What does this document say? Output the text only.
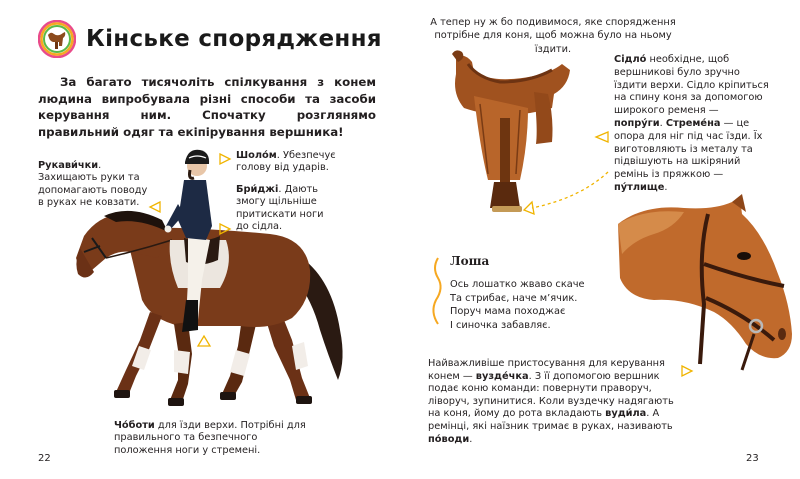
Кінське спорядження

За багато тисячоліть спілкування з конем людина випробувала різні способи та засоби керування ним. Спочатку розглянямо правильний одяг та екіпірування вершника!

Рукави́чки. Захищають руки та допомагають поводу в руках не ковзати.
Шоло́м. Убезпечує голову від ударів.
Бри́джі. Дають змогу щільніше притискати ноги до сідла.
Чо́боти для їзди верхи. Потрібні для правильного та безпечного положення ноги у стремені.
22
А тепер ну ж бо подивимося, яке спорядження потрібне для коня, щоб можна було на ньому їздити.
Сідло́ необхідне, щоб вершникові було зручно їздити верхи. Сідло кріпиться на спину коня за допомогою широкого ременя — попру́ги. Стреме́на — це опора для ніг під час їзди. Їх виготовляють із металу та підвішують на шкіряний ремінь із пряжкою — пу́тлище.
Лоша
Ось лошатко жваво скаче
Та стрибає, наче м’ячик.
Поруч мама походжає
І синочка забавляє.
Найважливіше пристосування для керування конем — вузде́чка. З її допомогою вершник подає коню команди: повернути праворуч, ліворуч, зупинитися. Коли вуздечку надягають на коня, йому до рота вкладають вуди́ла. А ремінці, які наїзник тримає в руках, називають по́води.
23
